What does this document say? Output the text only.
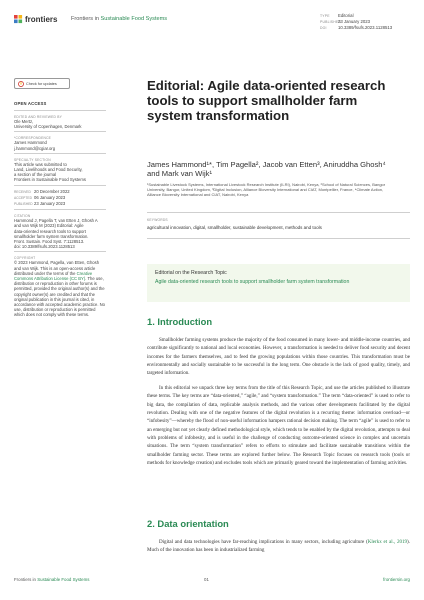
frontiers Frontiers in Sustainable Food Systems	TYPE Editorial
PUBLISHED23 January 2023
DOI	10.3389/fsufs.2023.1128513
Check for updates
OPEN ACCESS
EDITED AND REVIEWED BY
Ole Mertz,
University of Copenhagen, Denmark
*CORRESPONDENCE
James Hammond
j.hammond@cgiar.org
SPECIALTY SECTION
This article was submitted to
Land, Livelihoods and Food Security,
a section of the journal
Frontiers in Sustainable Food Systems
RECEIVED 20 December 2022
ACCEPTED 06 January 2023
PUBLISHED23 January 2023
CITATION
Hammond J, Pagella T, van Etten J, Ghosh A
and van Wijk M (2023) Editorial: Agile
data-oriented research tools to support
smallholder farm system transformation.
Front. Sustain. Food Syst. 7:1128513.
doi: 10.3389/fsufs.2023.1128513
COPYRIGHT
© 2023 Hammond, Pagella, van Etten, Ghosh and van Wijk. This is an open-access article distributed under the terms of the Creative Commons Attribution License (CC BY). The use, distribution or reproduction in other forums is permitted, provided the original author(s) and the copyright owner(s) are credited and that the original publication in this journal is cited, in accordance with accepted academic practice. No use, distribution or reproduction is permitted which does not comply with these terms.
Editorial: Agile data-oriented research tools to support smallholder farm system transformation
James Hammond¹*, Tim Pagella², Jacob van Etten³, Aniruddha Ghosh⁴ and Mark van Wijk¹
¹Sustainable Livestock Systems, International Livestock Research Institute (ILRI), Nairobi, Kenya, ²School of Natural Sciences, Bangor University, Bangor, United Kingdom, ³Digital Inclusion, Alliance Bioversity International and CIAT, Montpellier, France, ⁴Climate Action, Alliance Bioversity International and CIAT, Nairobi, Kenya
KEYWORDS
agricultural innovation, digital, smallholder, sustainable development, methods and tools
Editorial on the Research Topic
Agile data-oriented research tools to support smallholder farm system transformation
1. Introduction

Smallholder farming systems produce the majority of the food consumed in many lower- and middle-income countries, and contribute significantly to national and local economies. However, a transformation is needed to deliver food security and decent incomes for the farmers themselves, and to feed the growing populations within those countries. This transformation must be environmentally and socially sustainable to be successful in the long term. One obstacle is the lack of good quality, timely, and targeted information.

In this editorial we unpack three key terms from the title of this Research Topic, and use the articles published to illustrate these terms. The key terms are “data-oriented,” “agile,” and “system transformation.” The term “data-oriented” is used to refer to big data, the compilation of data, replicable analysis methods, and the various other developments facilitated by the digital revolution. Dealing with one of the negative features of the digital revolution is a recurring theme: information overload—or “infobesity”—whereby the flood of non-useful information hampers rational decision making. The term “agile” is used to refer to an emerging but not yet clearly defined methodological style, which tends to be enabled by the digital revolution, attempts to deal with problems of infobesity, and is useful in the challenge of conducting outcome-oriented science in complex and uncertain situations. The term “system transformation” refers to efforts to stimulate and facilitate sustainable transitions within the smallholder farming sector. These terms are explored further below. The Research Topic focuses on research tools (tools or methods for knowledge creation) and excludes tools which are primarily geared toward the implementation of farming activities.

2. Data orientation

Digital and data technologies have far-reaching implications in many sectors, including agriculture (Klerkx et al., 2019). Much of the innovation has been in industrialized farming

Frontiers in Sustainable Food Systems	01	frontiersin.org
